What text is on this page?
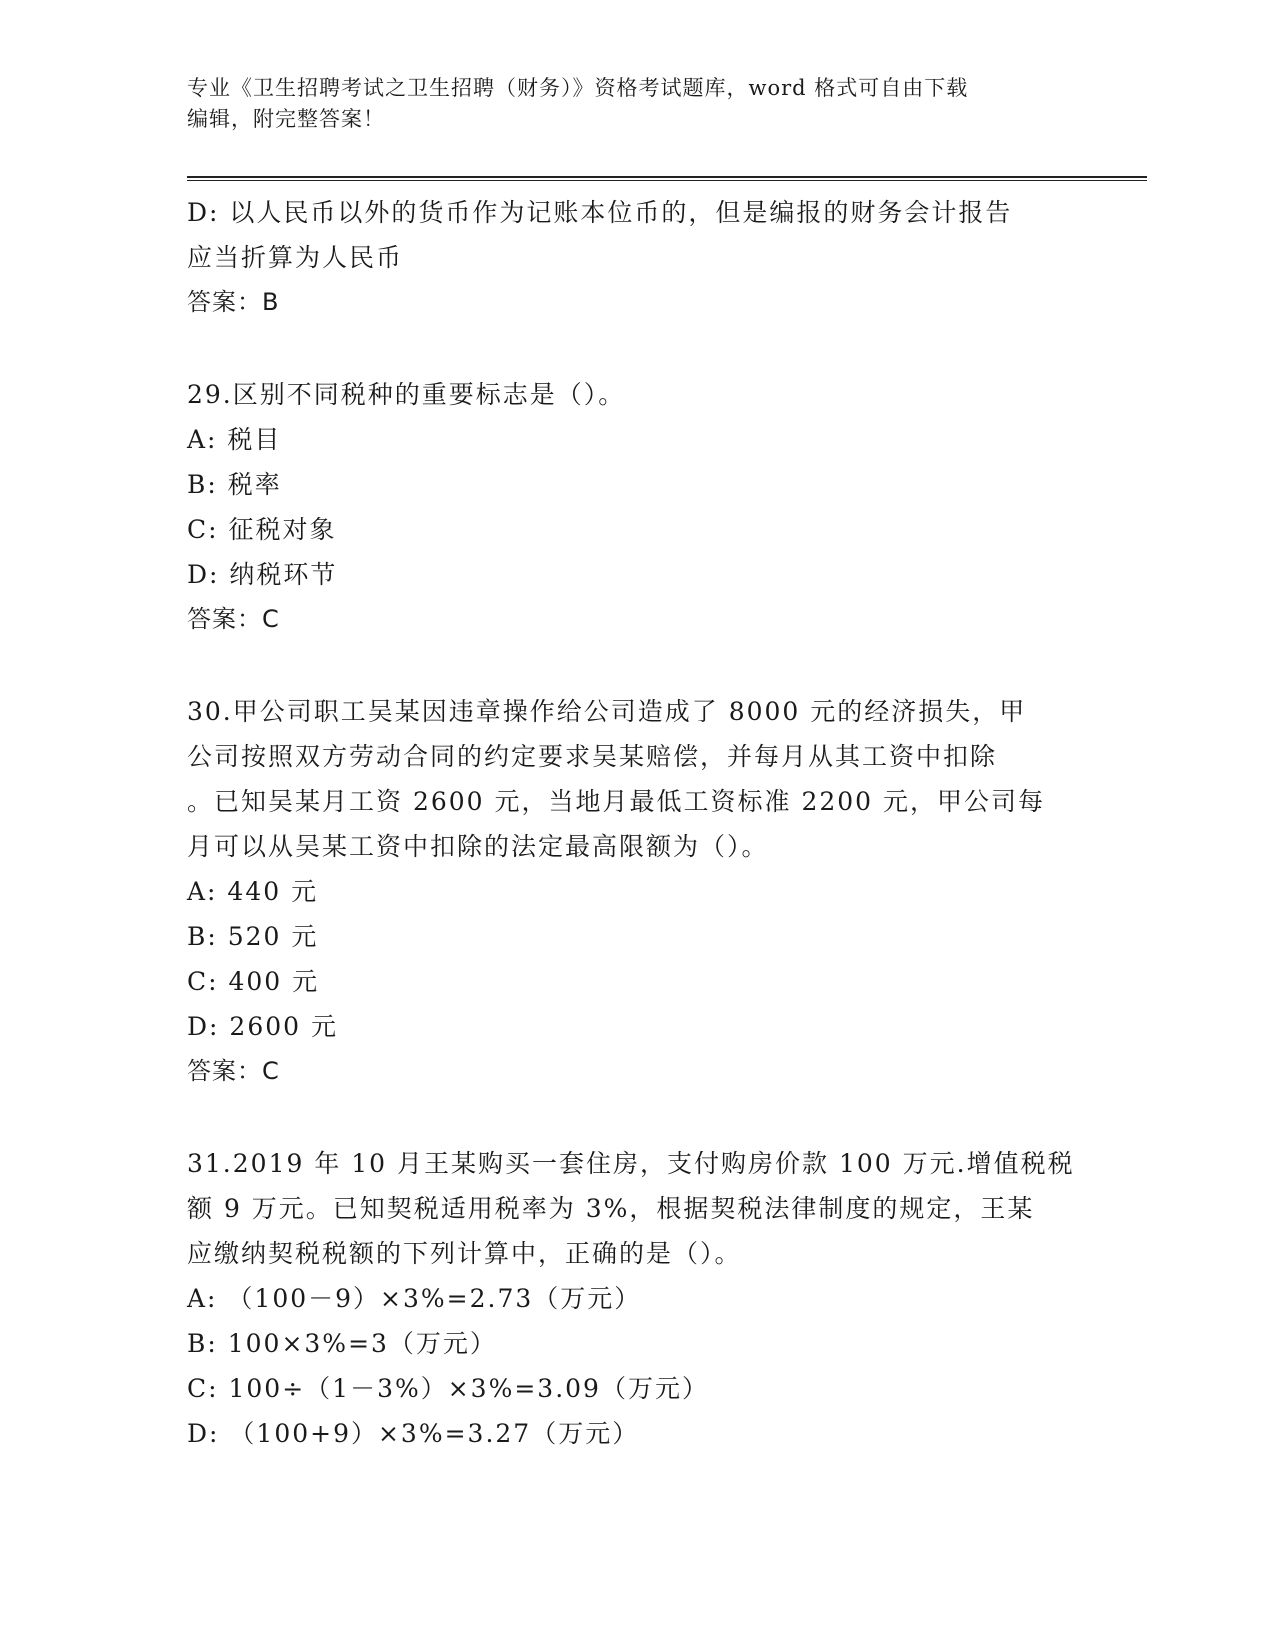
专业《卫生招聘考试之卫生招聘（财务）》资格考试题库，word 格式可自由下载
编辑，附完整答案！
D: 以人民币以外的货币作为记账本位币的，但是编报的财务会计报告
应当折算为人民币
答案：B
29.区别不同税种的重要标志是（）。
A: 税目
B: 税率
C: 征税对象
D: 纳税环节
答案：C
30.甲公司职工吴某因违章操作给公司造成了 8000 元的经济损失，甲
公司按照双方劳动合同的约定要求吴某赔偿，并每月从其工资中扣除
。已知吴某月工资 2600 元，当地月最低工资标准 2200 元，甲公司每
月可以从吴某工资中扣除的法定最高限额为（）。
A: 440 元
B: 520 元
C: 400 元
D: 2600 元
答案：C
31.2019 年 10 月王某购买一套住房，支付购房价款 100 万元.增值税税
额 9 万元。已知契税适用税率为 3%，根据契税法律制度的规定，王某
应缴纳契税税额的下列计算中，正确的是（）。
A: （100－9）×3%=2.73（万元）
B: 100×3%=3（万元）
C: 100÷（1－3%）×3%=3.09（万元）
D: （100+9）×3%=3.27（万元）
